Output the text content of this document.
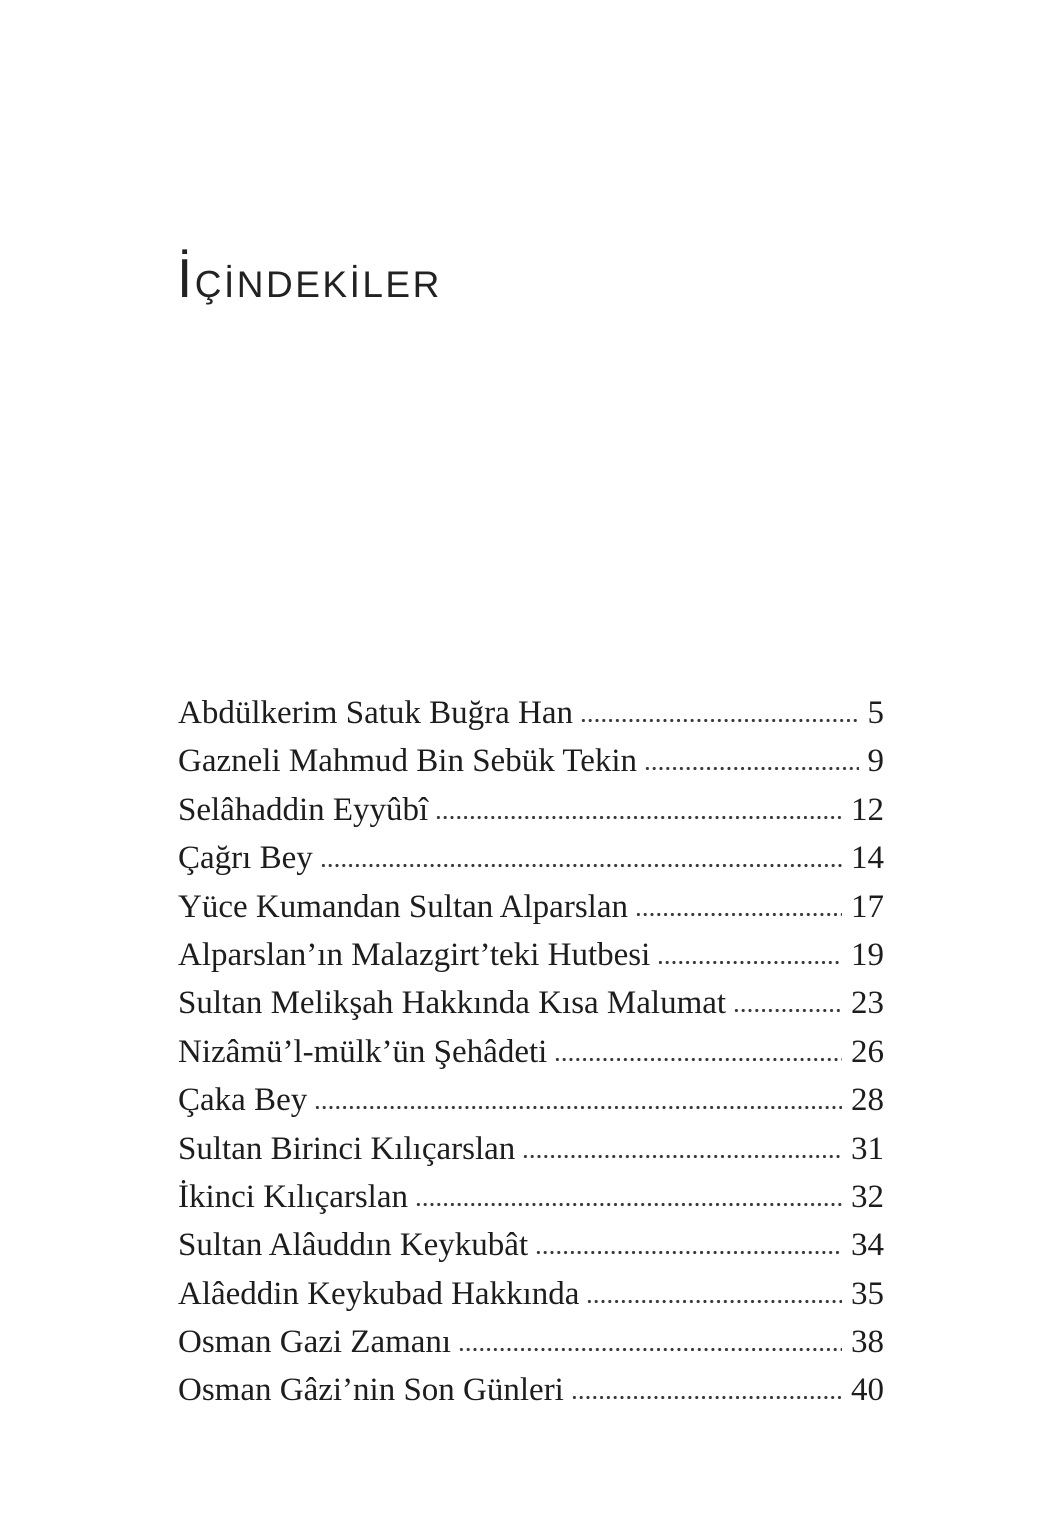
İÇİNDEKİLER
Abdülkerim Satuk Buğra Han	5
Gazneli Mahmud Bin Sebük Tekin	9
Selâhaddin Eyyûbî	12
Çağrı Bey	14
Yüce Kumandan Sultan Alparslan	17
Alparslan’ın Malazgirt’teki Hutbesi	19
Sultan Melikşah Hakkında Kısa Malumat	23
Nizâmü’l-mülk’ün Şehâdeti	26
Çaka Bey	28
Sultan Birinci Kılıçarslan	31
İkinci Kılıçarslan	32
Sultan Alâuddın Keykubât	34
Alâeddin Keykubad Hakkında	35
Osman Gazi Zamanı	38
Osman Gâzi’nin Son Günleri	40
